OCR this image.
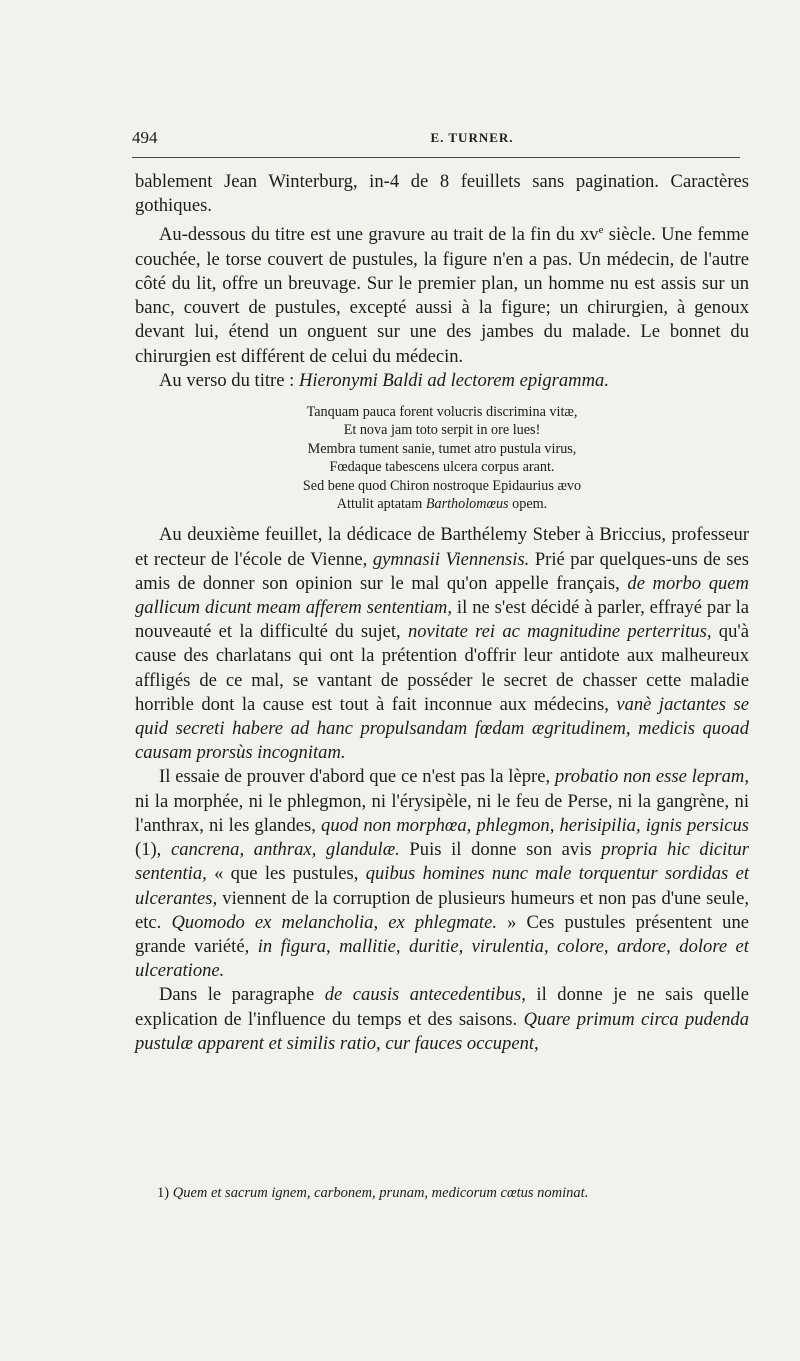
494	E. TURNER.

bablement Jean Winterburg, in-4 de 8 feuillets sans pagination. Caractères gothiques.

Au-dessous du titre est une gravure au trait de la fin du $xv^e$ siècle. Une femme couchée, le torse couvert de pustules, la figure n'en a pas. Un médecin, de l'autre côté du lit, offre un breuvage. Sur le premier plan, un homme nu est assis sur un banc, couvert de pustules, excepté aussi à la figure; un chirurgien, à genoux devant lui, étend un onguent sur une des jambes du malade. Le bonnet du chirurgien est différent de celui du médecin.

Au verso du titre : Hieronymi Baldi ad lectorem epigramma.

Tanquam pauca forent volucris discrimina vitæ,
Et nova jam toto serpit in ore lues!
Membra tument sanie, tumet atro pustula virus,
Fœdaque tabescens ulcera corpus arant.
Sed bene quod Chiron nostroque Epidaurius ævo
Attulit aptatam Bartholomœus opem.

Au deuxième feuillet, la dédicace de Barthélemy Steber à Briccius, professeur et recteur de l'école de Vienne, gymnasii Viennensis. Prié par quelques-uns de ses amis de donner son opinion sur le mal qu'on appelle français, de morbo quem gallicum dicunt meam afferem sententiam, il ne s'est décidé à parler, effrayé par la nouveauté et la difficulté du sujet, novitate rei ac magnitudine perterritus, qu'à cause des charlatans qui ont la prétention d'offrir leur antidote aux malheureux affligés de ce mal, se vantant de posséder le secret de chasser cette maladie horrible dont la cause est tout à fait inconnue aux médecins, vanè jactantes se quid secreti habere ad hanc propulsandam fœdam ægritudinem, medicis quoad causam prorsùs incognitam.

Il essaie de prouver d'abord que ce n'est pas la lèpre, probatio non esse lepram, ni la morphée, ni le phlegmon, ni l'érysipèle, ni le feu de Perse, ni la gangrène, ni l'anthrax, ni les glandes, quod non morphœa, phlegmon, herisipilia, ignis persicus (1), cancrena, anthrax, glandulæ. Puis il donne son avis propria hic dicitur sententia, « que les pustules, quibus homines nunc male torquentur sordidas et ulcerantes, viennent de la corruption de plusieurs humeurs et non pas d'une seule, etc. Quomodo ex melancholia, ex phlegmate. » Ces pustules présentent une grande variété, in figura, mallitie, duritie, virulentia, colore, ardore, dolore et ulceratione.

Dans le paragraphe de causis antecedentibus, il donne je ne sais quelle explication de l'influence du temps et des saisons. Quare primum circa pudenda pustulæ apparent et similis ratio, cur fauces occupent,

1) Quem et sacrum ignem, carbonem, prunam, medicorum cœtus nominat.
